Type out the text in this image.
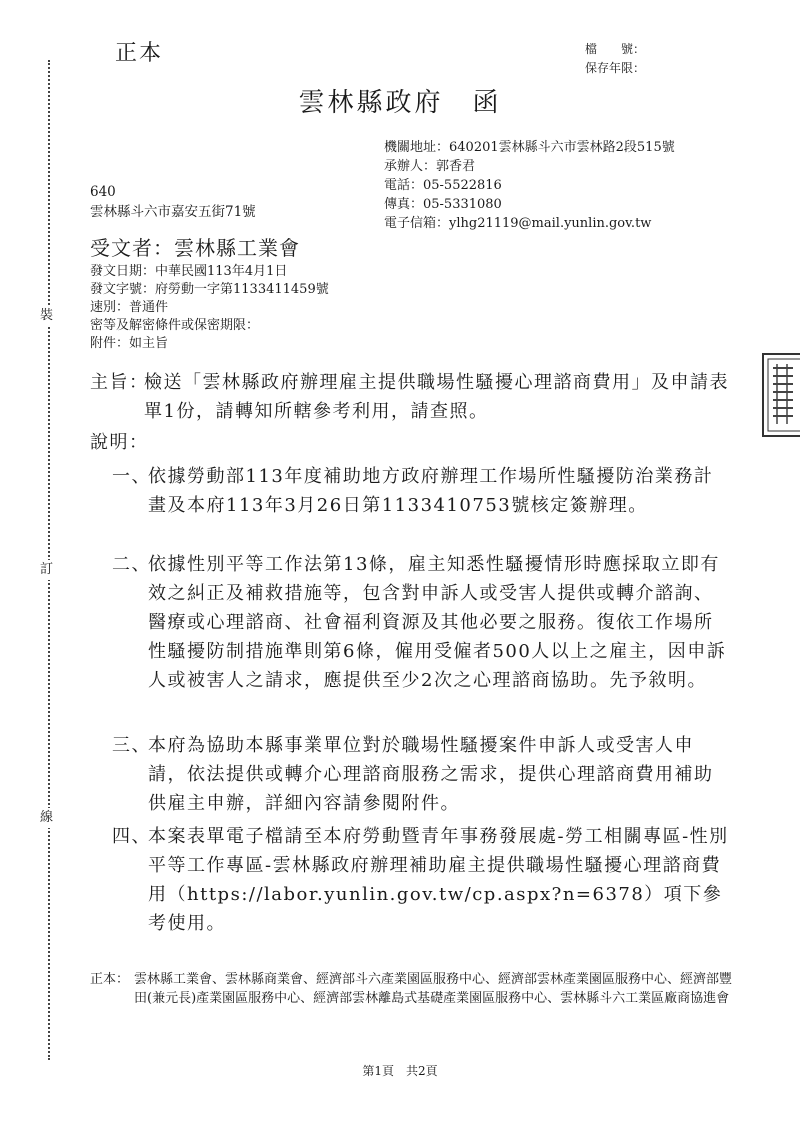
裝
訂
線
正本	檔　　號：
保存年限：
雲林縣政府　函
機關地址：640201雲林縣斗六市雲林路2段515號
承辦人：郭香君
電話：05-5522816
傳真：05-5331080
電子信箱：ylhg21119@mail.yunlin.gov.tw
640
雲林縣斗六市嘉安五街71號
受文者：雲林縣工業會
發文日期：中華民國113年4月1日
發文字號：府勞動一字第1133411459號
速別：普通件
密等及解密條件或保密期限：
附件：如主旨
主旨：
檢送「雲林縣政府辦理雇主提供職場性騷擾心理諮商費用」及申請表單1份，請轉知所轄參考利用，請查照。
說明：
一、
依據勞動部113年度補助地方政府辦理工作場所性騷擾防治業務計畫及本府113年3月26日第1133410753號核定簽辦理。
二、
依據性別平等工作法第13條，雇主知悉性騷擾情形時應採取立即有效之糾正及補救措施等，包含對申訴人或受害人提供或轉介諮詢、醫療或心理諮商、社會福利資源及其他必要之服務。復依工作場所性騷擾防制措施準則第6條，僱用受僱者500人以上之雇主，因申訴人或被害人之請求，應提供至少2次之心理諮商協助。先予敘明。
三、
本府為協助本縣事業單位對於職場性騷擾案件申訴人或受害人申請，依法提供或轉介心理諮商服務之需求，提供心理諮商費用補助供雇主申辦，詳細內容請參閱附件。
四、
本案表單電子檔請至本府勞動暨青年事務發展處-勞工相關專區-性別平等工作專區-雲林縣政府辦理補助雇主提供職場性騷擾心理諮商費用（https://labor.yunlin.gov.tw/cp.aspx?n=6378）項下參考使用。
正本： 雲林縣工業會、雲林縣商業會、經濟部斗六產業園區服務中心、經濟部雲林產業園區服務中心、經濟部豐田(兼元長)產業園區服務中心、經濟部雲林離島式基礎產業園區服務中心、雲林縣斗六工業區廠商協進會
第1頁　共2頁
